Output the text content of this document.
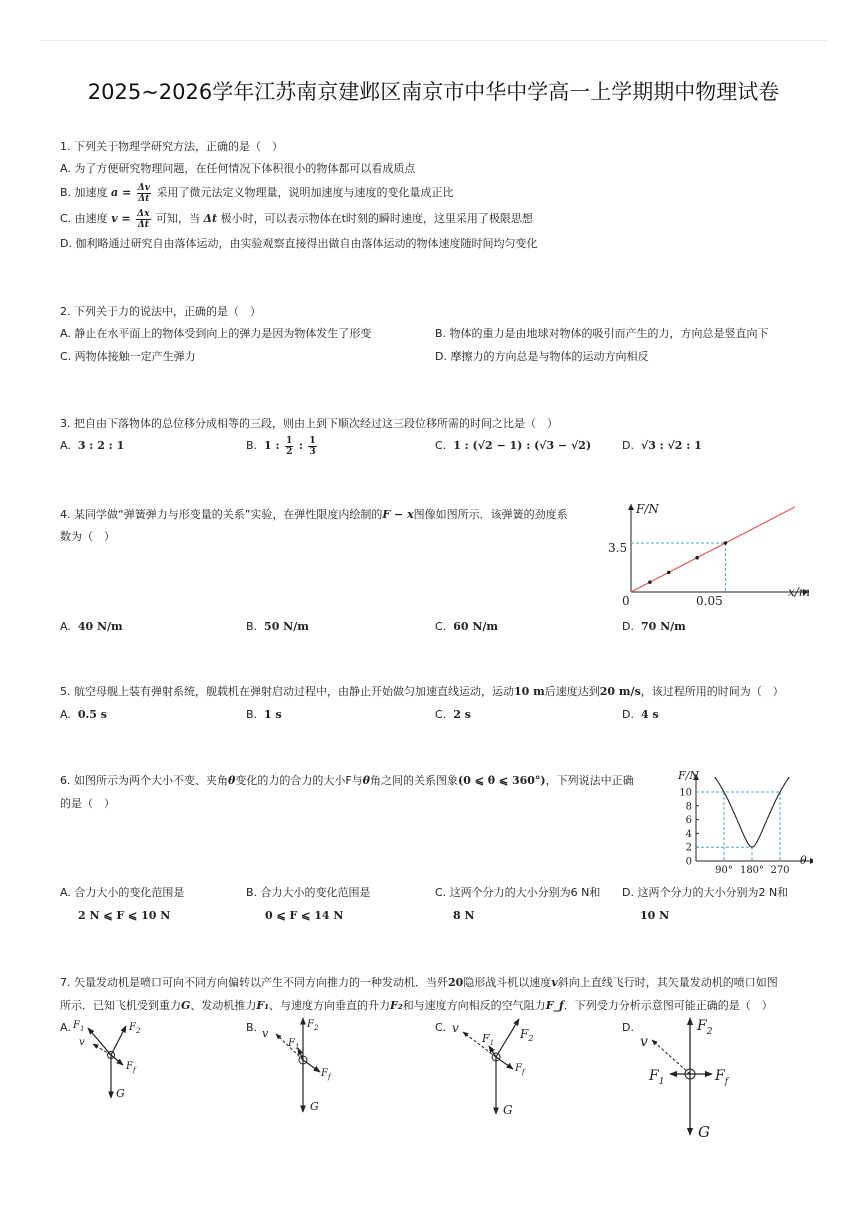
2025~2026学年江苏南京建邺区南京市中华中学高一上学期期中物理试卷
1. 下列关于物理学研究方法，正确的是（　）
A. 为了方便研究物理问题，在任何情况下体积很小的物体都可以看成质点
B. 加速度 $a = \frac{\Delta v}{\Delta t}$ 采用了微元法定义物理量，说明加速度与速度的变化量成正比
C. 由速度 $v = \frac{\Delta x}{\Delta t}$ 可知，当 Δt 极小时，可以表示物体在t时刻的瞬时速度，这里采用了极限思想
D. 伽利略通过研究自由落体运动，由实验观察直接得出做自由落体运动的物体速度随时间均匀变化
2. 下列关于力的说法中，正确的是（　）
A. 静止在水平面上的物体受到向上的弹力是因为物体发生了形变	B. 物体的重力是由地球对物体的吸引而产生的力，方向总是竖直向下
C. 两物体接触一定产生弹力	D. 摩擦力的方向总是与物体的运动方向相反
3. 把自由下落物体的总位移分成相等的三段，则由上到下顺次经过这三段位移所需的时间之比是（　）
A. 3 : 2 : 1	B. 1 : $\frac{1}{2}$ : $\frac{1}{3}$	C. 1 : (√2 − 1) : (√3 − √2)	D. √3 : √2 : 1
4. 某同学做“弹簧弹力与形变量的关系”实验，在弹性限度内绘制的F − x图像如图所示．该弹簧的劲度系
数为（　）
F/N
x/m
3.5
0.05
0
A. 40 N/m	B. 50 N/m	C. 60 N/m	D. 70 N/m
5. 航空母舰上装有弹射系统，舰载机在弹射启动过程中，由静止开始做匀加速直线运动，运动10 m后速度达到20 m/s，该过程所用的时间为（　）
A. 0.5 s	B. 1 s	C. 2 s	D. 4 s
6. 如图所示为两个大小不变、夹角θ变化的力的合力的大小F与θ角之间的关系图象(0 ⩽ θ ⩽ 360°)，下列说法中正确
的是（　）
0
2
4
6
8
10
90° 180° 270
F/N
θ
A. 合力大小的变化范围是
2 N ⩽ F ⩽ 10 N
B. 合力大小的变化范围是
0 ⩽ F ⩽ 14 N
C. 这两个分力的大小分别为6 N和
8 N
D. 这两个分力的大小分别为2 N和
10 N
7. 矢量发动机是喷口可向不同方向偏转以产生不同方向推力的一种发动机．当歼20隐形战斗机以速度v斜向上直线飞行时，其矢量发动机的喷口如图
所示．已知飞机受到重力G、发动机推力F₁、与速度方向垂直的升力F₂和与速度方向相反的空气阻力F_f．下列受力分析示意图可能正确的是（　）
A.	B.	C.	D.
G
$F_1$	$F_2$
v
$F_f$
G
$F_2$
$F_1$
v
$F_f$
G
$F_1$
$F_2$
v
$F_f$
G
$F_2$
v
$F_1$	$F_f$
